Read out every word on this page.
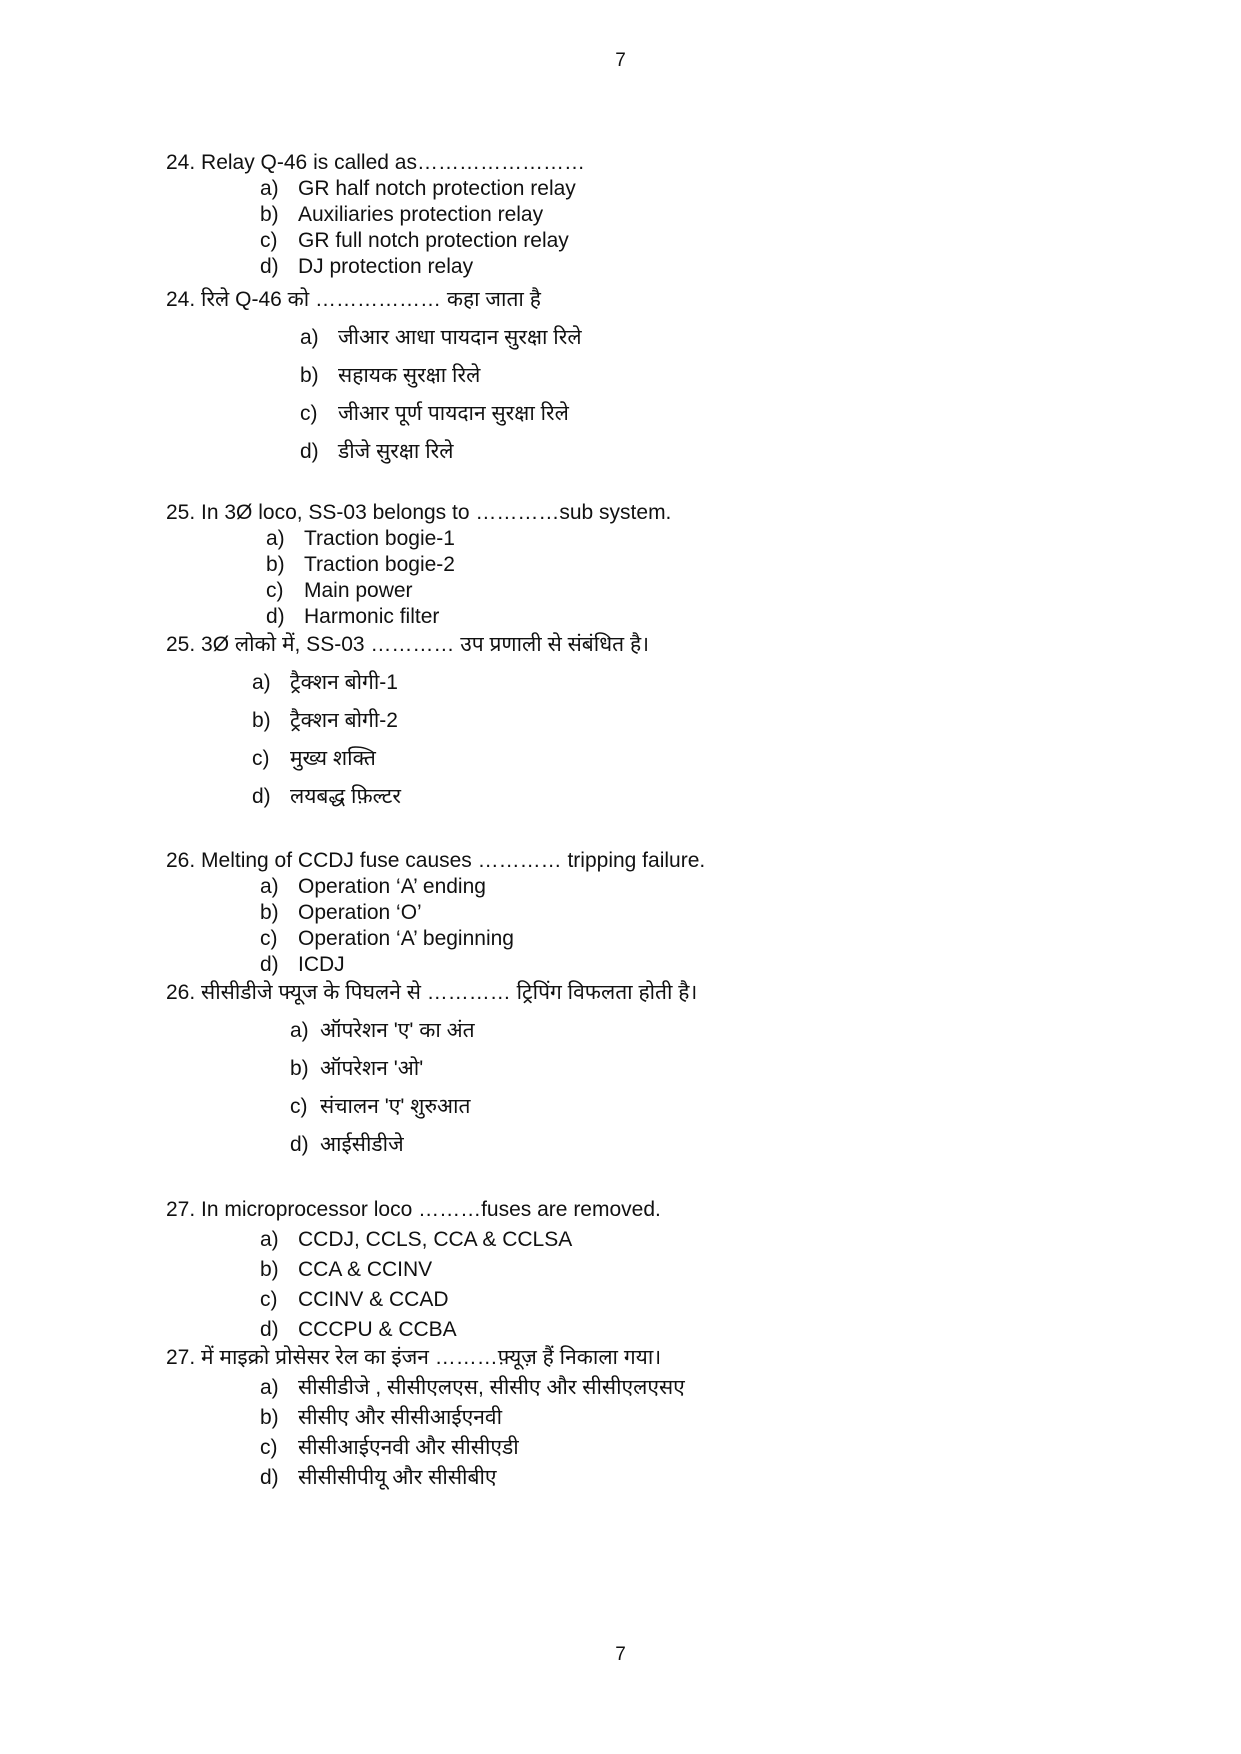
7
24. Relay Q-46 is called as……………………
a) GR half notch protection relay
b) Auxiliaries protection relay
c) GR full notch protection relay
d) DJ protection relay
24. रिले Q-46 को ……………… कहा जाता है
a) जीआर आधा पायदान सुरक्षा रिले
b) सहायक सुरक्षा रिले
c) जीआर पूर्ण पायदान सुरक्षा रिले
d) डीजे सुरक्षा रिले
25. In 3Ø loco, SS-03 belongs to …………sub system.
a) Traction bogie-1
b) Traction bogie-2
c) Main power
d) Harmonic filter
25. 3Ø लोको में, SS-03 ………… उप प्रणाली से संबंधित है।
a) ट्रैक्शन बोगी-1
b) ट्रैक्शन बोगी-2
c) मुख्य शक्ति
d) लयबद्ध फ़िल्टर
26. Melting of CCDJ fuse causes ………… tripping failure.
a) Operation ‘A’ ending
b) Operation ‘O’
c) Operation ‘A’ beginning
d) ICDJ
26. सीसीडीजे फ्यूज के पिघलने से ………… ट्रिपिंग विफलता होती है।
a) ऑपरेशन 'ए' का अंत
b) ऑपरेशन 'ओ'
c) संचालन 'ए' शुरुआत
d) आईसीडीजे
27. In microprocessor loco ………fuses are removed.
a) CCDJ, CCLS, CCA & CCLSA
b) CCA & CCINV
c) CCINV & CCAD
d) CCCPU & CCBA
27. में माइक्रो प्रोसेसर रेल का इंजन ………फ़्यूज़ हैं निकाला गया।
a) सीसीडीजे , सीसीएलएस, सीसीए और सीसीएलएसए
b) सीसीए और सीसीआईएनवी
c) सीसीआईएनवी और सीसीएडी
d) सीसीसीपीयू और सीसीबीए
7
